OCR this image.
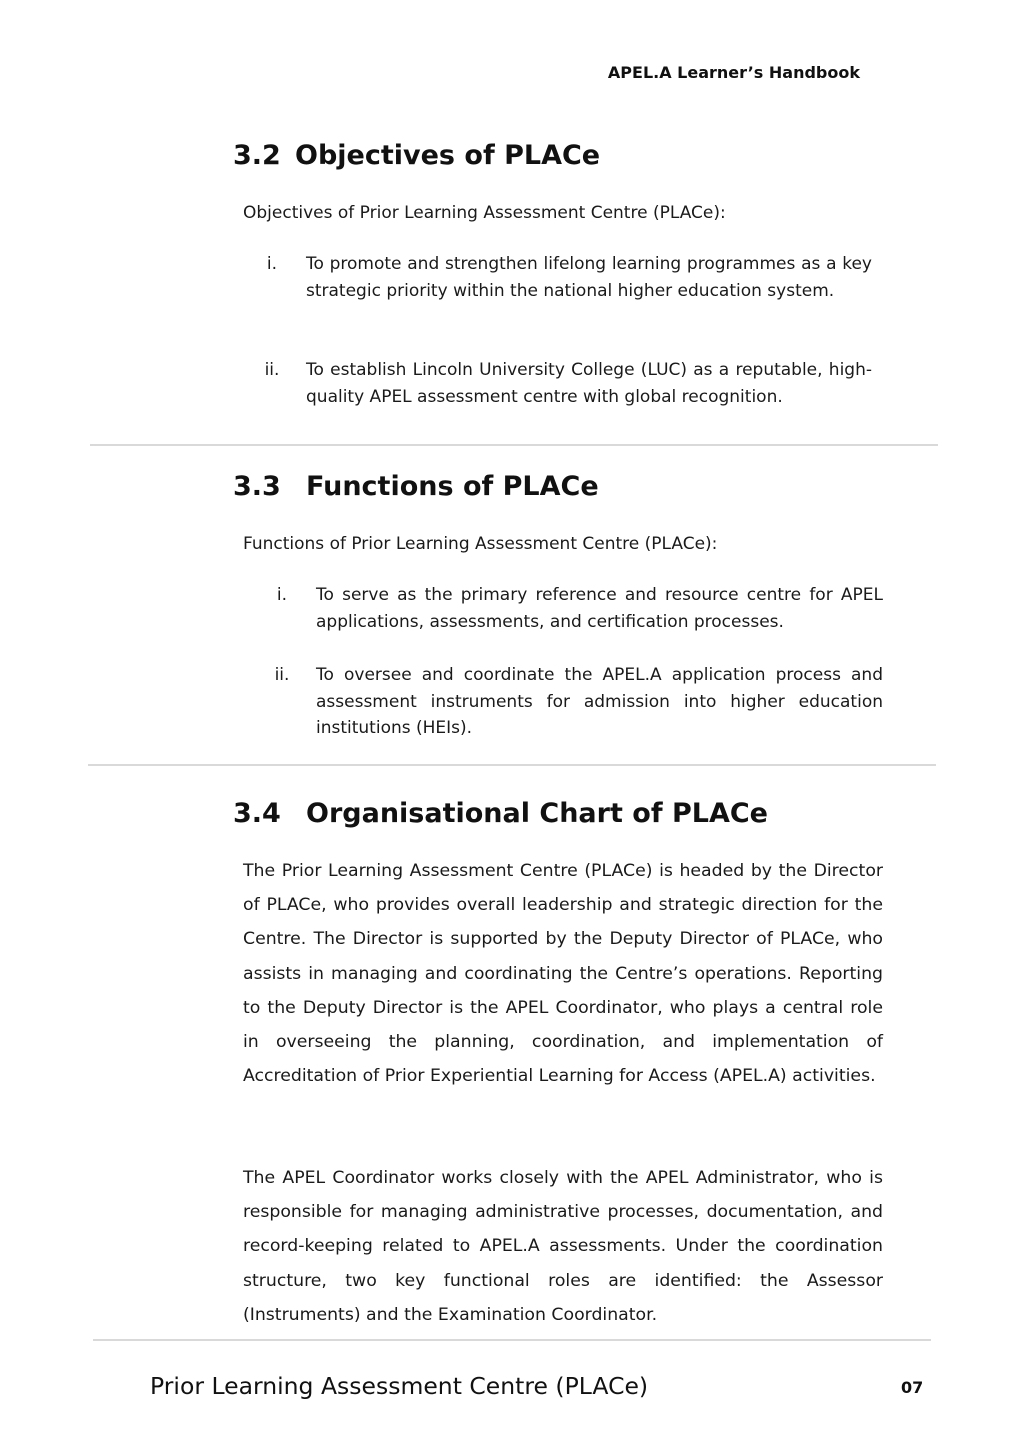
APEL.A Learner’s Handbook
3.2 Objectives of PLACe
Objectives of Prior Learning Assessment Centre (PLACe):
i.	To promote and strengthen lifelong learning programmes as a key strategic priority within the national higher education system.
ii.	To establish Lincoln University College (LUC) as a reputable, high-quality APEL assessment centre with global recognition.
3.3 Functions of PLACe
Functions of Prior Learning Assessment Centre (PLACe):
i.	To serve as the primary reference and resource centre for APEL applications, assessments, and certification processes.
ii.	To oversee and coordinate the APEL.A application process and assessment instruments for admission into higher education institutions (HEIs).
3.4 Organisational Chart of PLACe
The Prior Learning Assessment Centre (PLACe) is headed by the Director of PLACe, who provides overall leadership and strategic direction for the Centre. The Director is supported by the Deputy Director of PLACe, who assists in managing and coordinating the Centre’s operations. Reporting to the Deputy Director is the APEL Coordinator, who plays a central role in overseeing the planning, coordination, and implementation of Accreditation of Prior Experiential Learning for Access (APEL.A) activities.
The APEL Coordinator works closely with the APEL Administrator, who is responsible for managing administrative processes, documentation, and record-keeping related to APEL.A assessments. Under the coordination structure, two key functional roles are identified: the Assessor (Instruments) and the Examination Coordinator.
Prior Learning Assessment Centre (PLACe)	07
